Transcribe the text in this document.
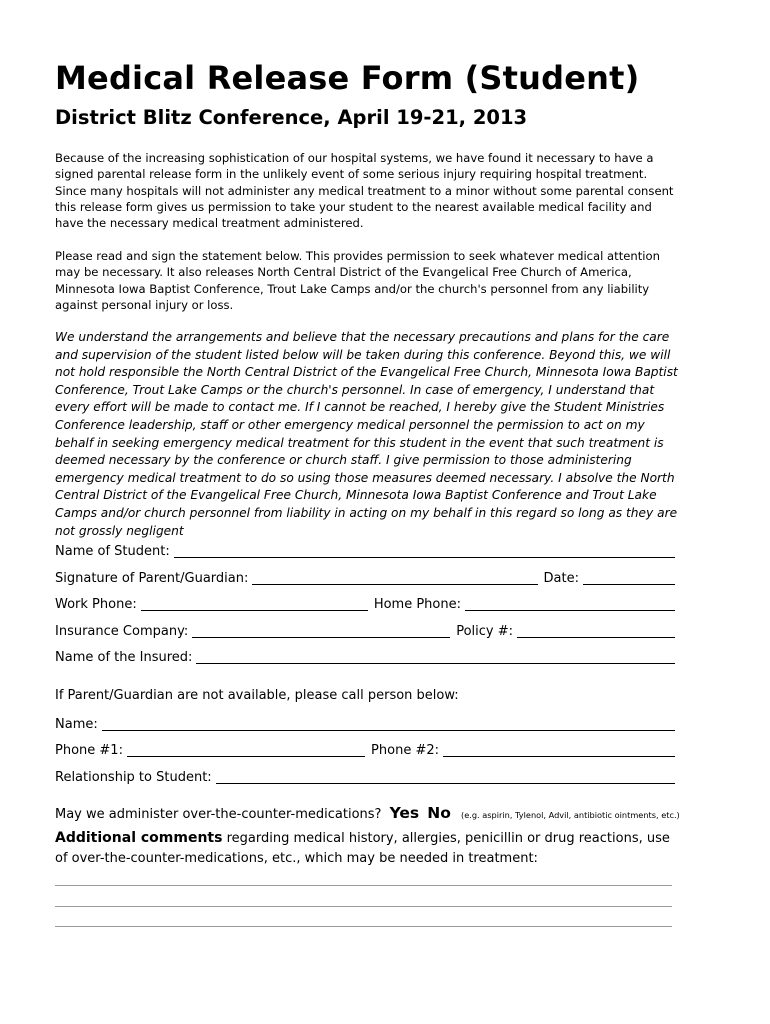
Medical Release Form (Student)
District Blitz Conference, April 19-21, 2013

Because of the increasing sophistication of our hospital systems, we have found it necessary to have a signed parental release form in the unlikely event of some serious injury requiring hospital treatment. Since many hospitals will not administer any medical treatment to a minor without some parental consent this release form gives us permission to take your student to the nearest available medical facility and have the necessary medical treatment administered.

Please read and sign the statement below. This provides permission to seek whatever medical attention may be necessary. It also releases North Central District of the Evangelical Free Church of America, Minnesota Iowa Baptist Conference, Trout Lake Camps and/or the church's personnel from any liability against personal injury or loss.

We understand the arrangements and believe that the necessary precautions and plans for the care and supervision of the student listed below will be taken during this conference. Beyond this, we will not hold responsible the North Central District of the Evangelical Free Church, Minnesota Iowa Baptist Conference, Trout Lake Camps or the church's personnel. In case of emergency, I understand that every effort will be made to contact me. If I cannot be reached, I hereby give the Student Ministries Conference leadership, staff or other emergency medical personnel the permission to act on my behalf in seeking emergency medical treatment for this student in the event that such treatment is deemed necessary by the conference or church staff. I give permission to those administering emergency medical treatment to do so using those measures deemed necessary. I absolve the North Central District of the Evangelical Free Church, Minnesota Iowa Baptist Conference and Trout Lake Camps and/or church personnel from liability in acting on my behalf in this regard so long as they are not grossly negligent

Name of Student:
Signature of Parent/Guardian:	Date:
Work Phone:	Home Phone:
Insurance Company:	Policy #:
Name of the Insured:

If Parent/Guardian are not available, please call person below:

Name:
Phone #1:	Phone #2:
Relationship to Student:

May we administer over-the-counter-medications? Yes No (e.g. aspirin, Tylenol, Advil, antibiotic ointments, etc.)

Additional comments regarding medical history, allergies, penicillin or drug reactions, use of over-the-counter-medications, etc., which may be needed in treatment:
